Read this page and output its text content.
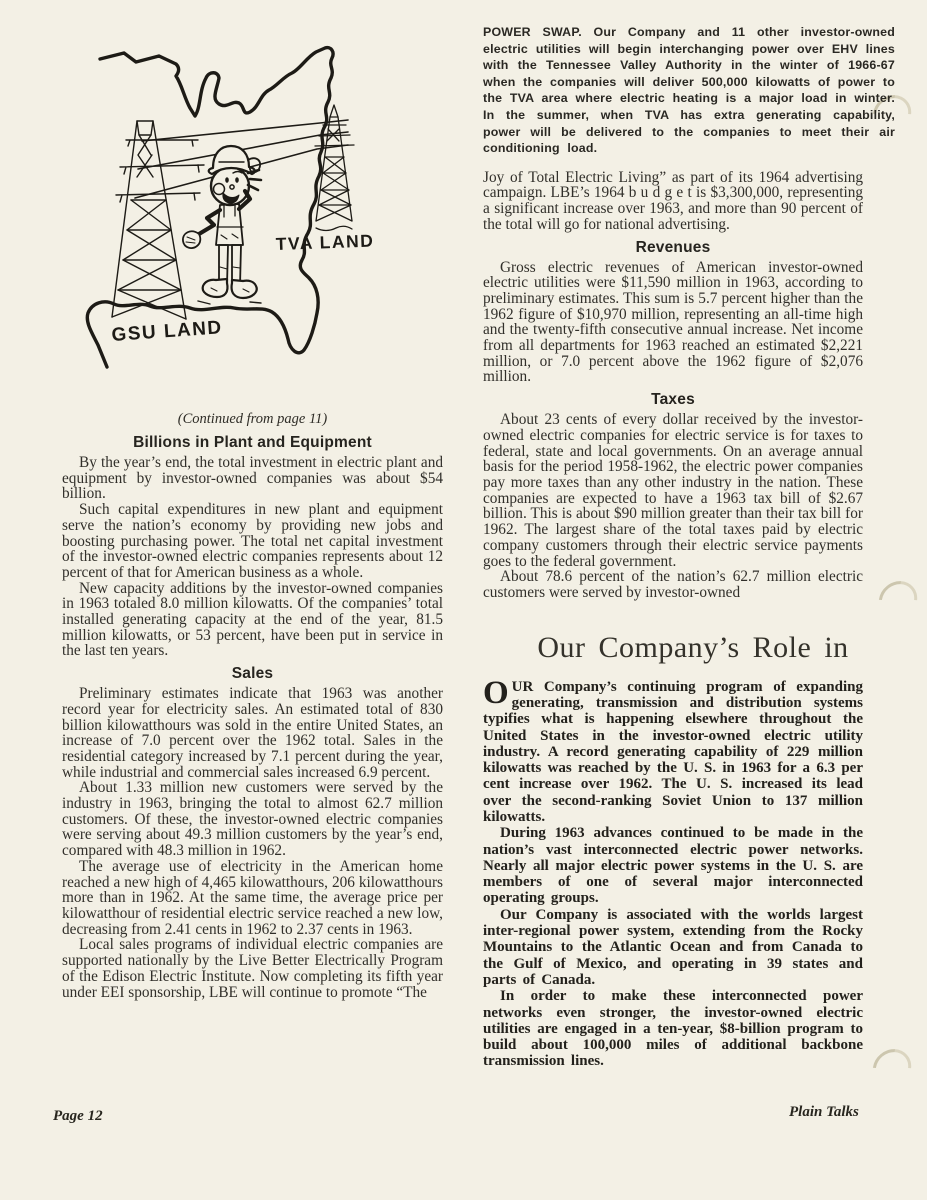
TVA LAND
GSU LAND

(Continued from page 11)

Billions in Plant and Equipment

By the year’s end, the total investment in electric plant and equipment by investor-owned companies was about $54 billion.

Such capital expenditures in new plant and equipment serve the nation’s economy by providing new jobs and boosting purchasing power. The total net capital investment of the investor-owned electric companies represents about 12 percent of that for American business as a whole.

New capacity additions by the investor-owned companies in 1963 totaled 8.0 million kilowatts. Of the companies’ total installed generating capacity at the end of the year, 81.5 million kilowatts, or 53 percent, have been put in service in the last ten years.

Sales

Preliminary estimates indicate that 1963 was another record year for electricity sales. An estimated total of 830 billion kilowatthours was sold in the entire United States, an increase of 7.0 percent over the 1962 total. Sales in the residential category increased by 7.1 percent during the year, while industrial and commercial sales increased 6.9 percent.

About 1.33 million new customers were served by the industry in 1963, bringing the total to almost 62.7 million customers. Of these, the investor-owned electric companies were serving about 49.3 million customers by the year’s end, compared with 48.3 million in 1962.

The average use of electricity in the American home reached a new high of 4,465 kilowatthours, 206 kilowatthours more than in 1962. At the same time, the average price per kilowatthour of residential electric service reached a new low, decreasing from 2.41 cents in 1962 to 2.37 cents in 1963.

Local sales programs of individual electric companies are supported nationally by the Live Better Electrically Program of the Edison Electric Institute. Now completing its fifth year under EEI sponsorship, LBE will continue to promote “The

POWER SWAP. Our Company and 11 other investor-owned electric utilities will begin interchanging power over EHV lines with the Tennessee Valley Authority in the winter of 1966-67 when the companies will deliver 500,000 kilowatts of power to the TVA area where electric heating is a major load in winter. In the summer, when TVA has extra generating capability, power will be delivered to the companies to meet their air conditioning load.

Joy of Total Electric Living” as part of its 1964 advertising campaign. LBE’s 1964 b u d g e t is $3,300,000, representing a significant increase over 1963, and more than 90 percent of the total will go for national advertising.

Revenues

Gross electric revenues of American investor-owned electric utilities were $11,590 million in 1963, according to preliminary estimates. This sum is 5.7 percent higher than the 1962 figure of $10,970 million, representing an all-time high and the twenty-fifth consecutive annual increase. Net income from all departments for 1963 reached an estimated $2,221 million, or 7.0 percent above the 1962 figure of $2,076 million.

Taxes

About 23 cents of every dollar received by the investor-owned electric companies for electric service is for taxes to federal, state and local governments. On an average annual basis for the period 1958-1962, the electric power companies pay more taxes than any other industry in the nation. These companies are expected to have a 1963 tax bill of $2.67 billion. This is about $90 million greater than their tax bill for 1962. The largest share of the total taxes paid by electric company customers through their electric service payments goes to the federal government.

About 78.6 percent of the nation’s 62.7 million electric customers were served by investor-owned

Our Company’s Role in

OUR Company’s continuing program of expanding generating, transmission and distribution systems typifies what is happening elsewhere throughout the United States in the investor-owned electric utility industry. A record generating capability of 229 million kilowatts was reached by the U. S. in 1963 for a 6.3 per cent increase over 1962. The U. S. increased its lead over the second-ranking Soviet Union to 137 million kilowatts.

During 1963 advances continued to be made in the nation’s vast interconnected electric power networks. Nearly all major electric power systems in the U. S. are members of one of several major interconnected operating groups.

Our Company is associated with the worlds largest inter-regional power system, extending from the Rocky Mountains to the Atlantic Ocean and from Canada to the Gulf of Mexico, and operating in 39 states and parts of Canada.

In order to make these interconnected power networks even stronger, the investor-owned electric utilities are engaged in a ten-year, $8-billion program to build about 100,000 miles of additional backbone transmission lines.

Page 12	Plain Talks
